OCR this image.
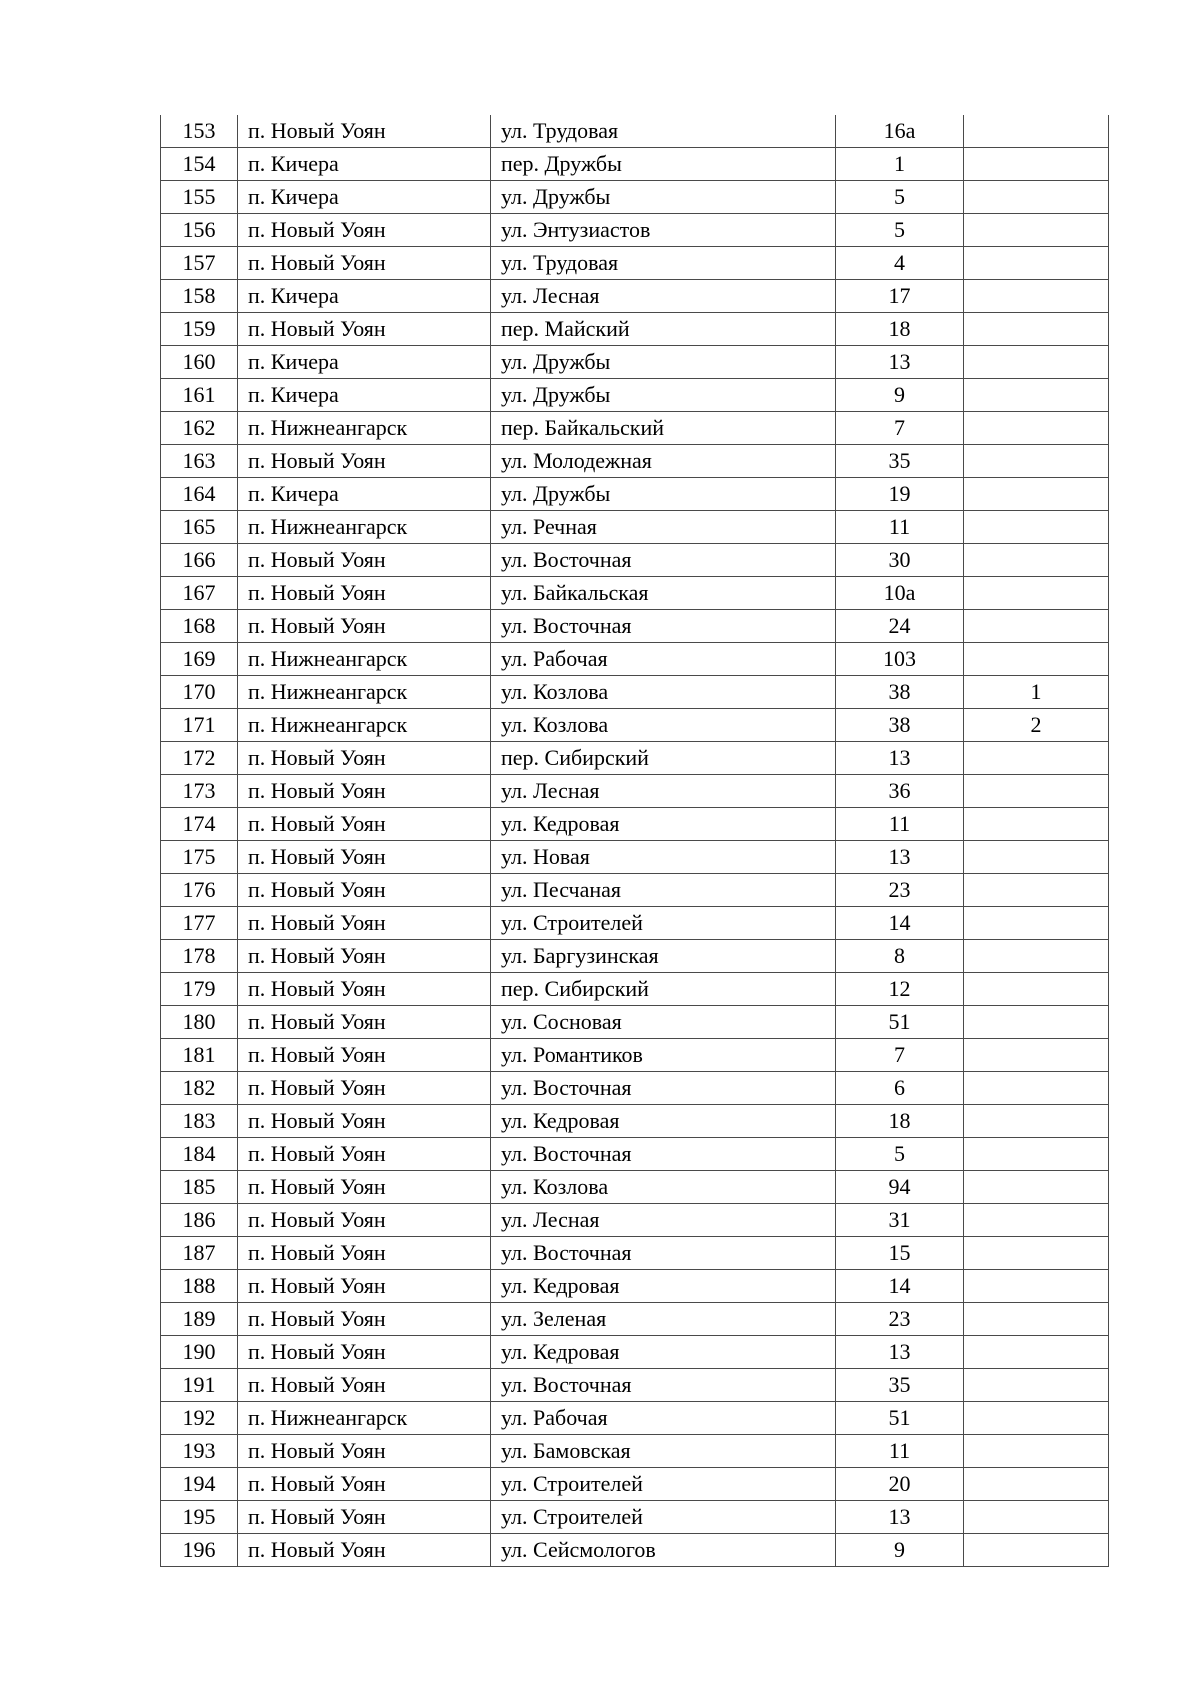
153	п. Новый Уоян	ул. Трудовая	16а	
154	п. Кичера	пер. Дружбы	1	
155	п. Кичера	ул. Дружбы	5	
156	п. Новый Уоян	ул. Энтузиастов	5	
157	п. Новый Уоян	ул. Трудовая	4	
158	п. Кичера	ул. Лесная	17	
159	п. Новый Уоян	пер. Майский	18	
160	п. Кичера	ул. Дружбы	13	
161	п. Кичера	ул. Дружбы	9	
162	п. Нижнеангарск	пер. Байкальский	7	
163	п. Новый Уоян	ул. Молодежная	35	
164	п. Кичера	ул. Дружбы	19	
165	п. Нижнеангарск	ул. Речная	11	
166	п. Новый Уоян	ул. Восточная	30	
167	п. Новый Уоян	ул. Байкальская	10а	
168	п. Новый Уоян	ул. Восточная	24	
169	п. Нижнеангарск	ул. Рабочая	103	
170	п. Нижнеангарск	ул. Козлова	38	1
171	п. Нижнеангарск	ул. Козлова	38	2
172	п. Новый Уоян	пер. Сибирский	13	
173	п. Новый Уоян	ул. Лесная	36	
174	п. Новый Уоян	ул. Кедровая	11	
175	п. Новый Уоян	ул. Новая	13	
176	п. Новый Уоян	ул. Песчаная	23	
177	п. Новый Уоян	ул. Строителей	14	
178	п. Новый Уоян	ул. Баргузинская	8	
179	п. Новый Уоян	пер. Сибирский	12	
180	п. Новый Уоян	ул. Сосновая	51	
181	п. Новый Уоян	ул. Романтиков	7	
182	п. Новый Уоян	ул. Восточная	6	
183	п. Новый Уоян	ул. Кедровая	18	
184	п. Новый Уоян	ул. Восточная	5	
185	п. Новый Уоян	ул. Козлова	94	
186	п. Новый Уоян	ул. Лесная	31	
187	п. Новый Уоян	ул. Восточная	15	
188	п. Новый Уоян	ул. Кедровая	14	
189	п. Новый Уоян	ул. Зеленая	23	
190	п. Новый Уоян	ул. Кедровая	13	
191	п. Новый Уоян	ул. Восточная	35	
192	п. Нижнеангарск	ул. Рабочая	51	
193	п. Новый Уоян	ул. Бамовская	11	
194	п. Новый Уоян	ул. Строителей	20	
195	п. Новый Уоян	ул. Строителей	13	
196	п. Новый Уоян	ул. Сейсмологов	9	
